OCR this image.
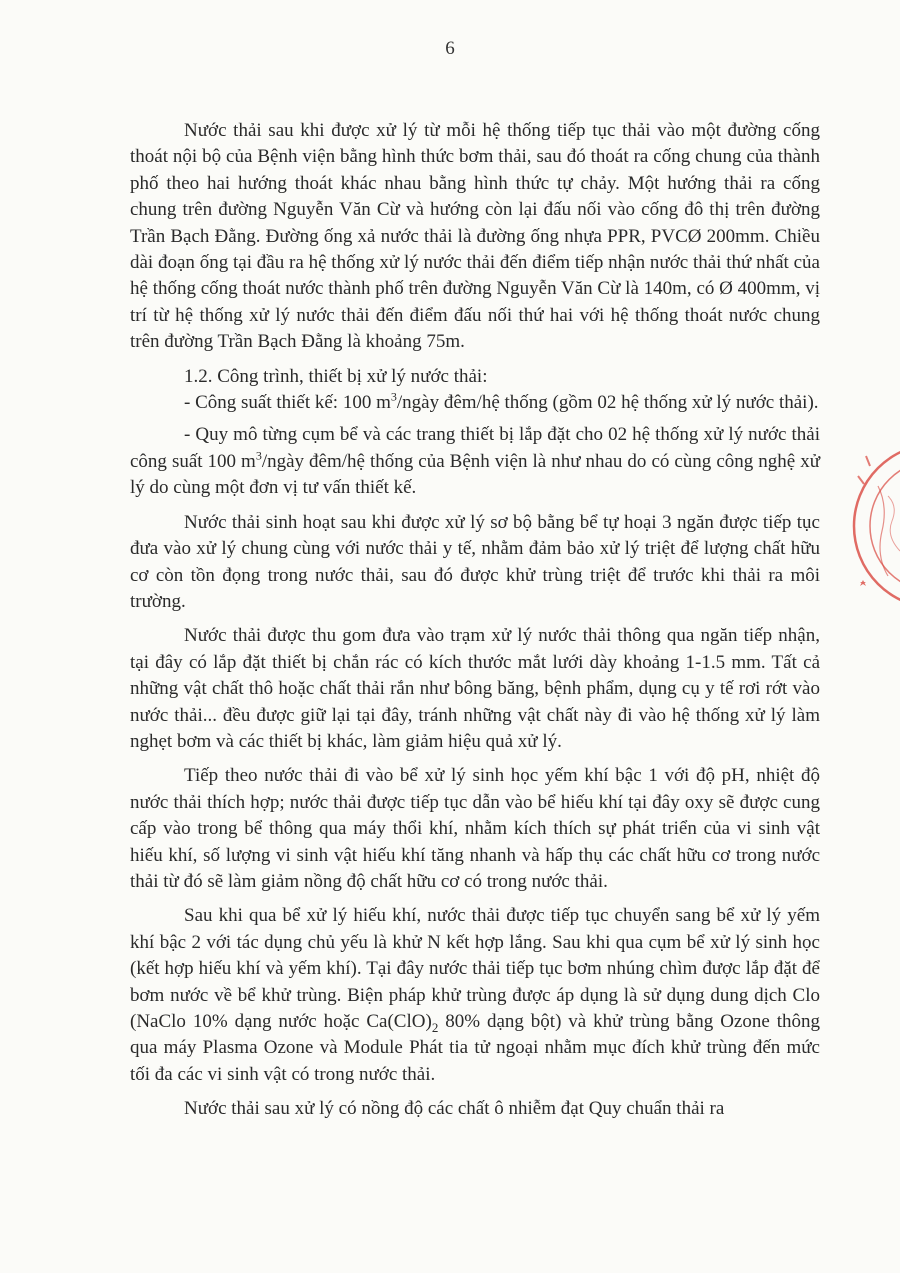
6

Nước thải sau khi được xử lý từ mỗi hệ thống tiếp tục thải vào một đường cống thoát nội bộ của Bệnh viện bằng hình thức bơm thải, sau đó thoát ra cống chung của thành phố theo hai hướng thoát khác nhau bằng hình thức tự chảy. Một hướng thải ra cống chung trên đường Nguyễn Văn Cừ và hướng còn lại đấu nối vào cống đô thị trên đường Trần Bạch Đằng. Đường ống xả nước thải là đường ống nhựa PPR, PVCØ 200mm. Chiều dài đoạn ống tại đầu ra hệ thống xử lý nước thải đến điểm tiếp nhận nước thải thứ nhất của hệ thống cống thoát nước thành phố trên đường Nguyễn Văn Cừ là 140m, có Ø 400mm, vị trí từ hệ thống xử lý nước thải đến điểm đấu nối thứ hai với hệ thống thoát nước chung trên đường Trần Bạch Đằng là khoảng 75m.

1.2. Công trình, thiết bị xử lý nước thải:

- Công suất thiết kế: 100 $m^3$/ngày đêm/hệ thống (gồm 02 hệ thống xử lý nước thải).

- Quy mô từng cụm bể và các trang thiết bị lắp đặt cho 02 hệ thống xử lý nước thải công suất 100 $m^3$/ngày đêm/hệ thống của Bệnh viện là như nhau do có cùng công nghệ xử lý do cùng một đơn vị tư vấn thiết kế.

Nước thải sinh hoạt sau khi được xử lý sơ bộ bằng bể tự hoại 3 ngăn được tiếp tục đưa vào xử lý chung cùng với nước thải y tế, nhằm đảm bảo xử lý triệt để lượng chất hữu cơ còn tồn đọng trong nước thải, sau đó được khử trùng triệt để trước khi thải ra môi trường.

Nước thải được thu gom đưa vào trạm xử lý nước thải thông qua ngăn tiếp nhận, tại đây có lắp đặt thiết bị chắn rác có kích thước mắt lưới dày khoảng 1-1.5 mm. Tất cả những vật chất thô hoặc chất thải rắn như bông băng, bệnh phẩm, dụng cụ y tế rơi rớt vào nước thải... đều được giữ lại tại đây, tránh những vật chất này đi vào hệ thống xử lý làm nghẹt bơm và các thiết bị khác, làm giảm hiệu quả xử lý.

Tiếp theo nước thải đi vào bể xử lý sinh học yếm khí bậc 1 với độ pH, nhiệt độ nước thải thích hợp; nước thải được tiếp tục dẫn vào bể hiếu khí tại đây oxy sẽ được cung cấp vào trong bể thông qua máy thổi khí, nhằm kích thích sự phát triển của vi sinh vật hiếu khí, số lượng vi sinh vật hiếu khí tăng nhanh và hấp thụ các chất hữu cơ trong nước thải từ đó sẽ làm giảm nồng độ chất hữu cơ có trong nước thải.

Sau khi qua bể xử lý hiếu khí, nước thải được tiếp tục chuyển sang bể xử lý yếm khí bậc 2 với tác dụng chủ yếu là khử N kết hợp lắng. Sau khi qua cụm bể xử lý sinh học (kết hợp hiếu khí và yếm khí). Tại đây nước thải tiếp tục bơm nhúng chìm được lắp đặt để bơm nước về bể khử trùng. Biện pháp khử trùng được áp dụng là sử dụng dung dịch Clo (NaClo 10% dạng nước hoặc $Ca(ClO)_2$ 80% dạng bột) và khử trùng bằng Ozone thông qua máy Plasma Ozone và Module Phát tia tử ngoại nhằm mục đích khử trùng đến mức tối đa các vi sinh vật có trong nước thải.

Nước thải sau xử lý có nồng độ các chất ô nhiễm đạt Quy chuẩn thải ra
